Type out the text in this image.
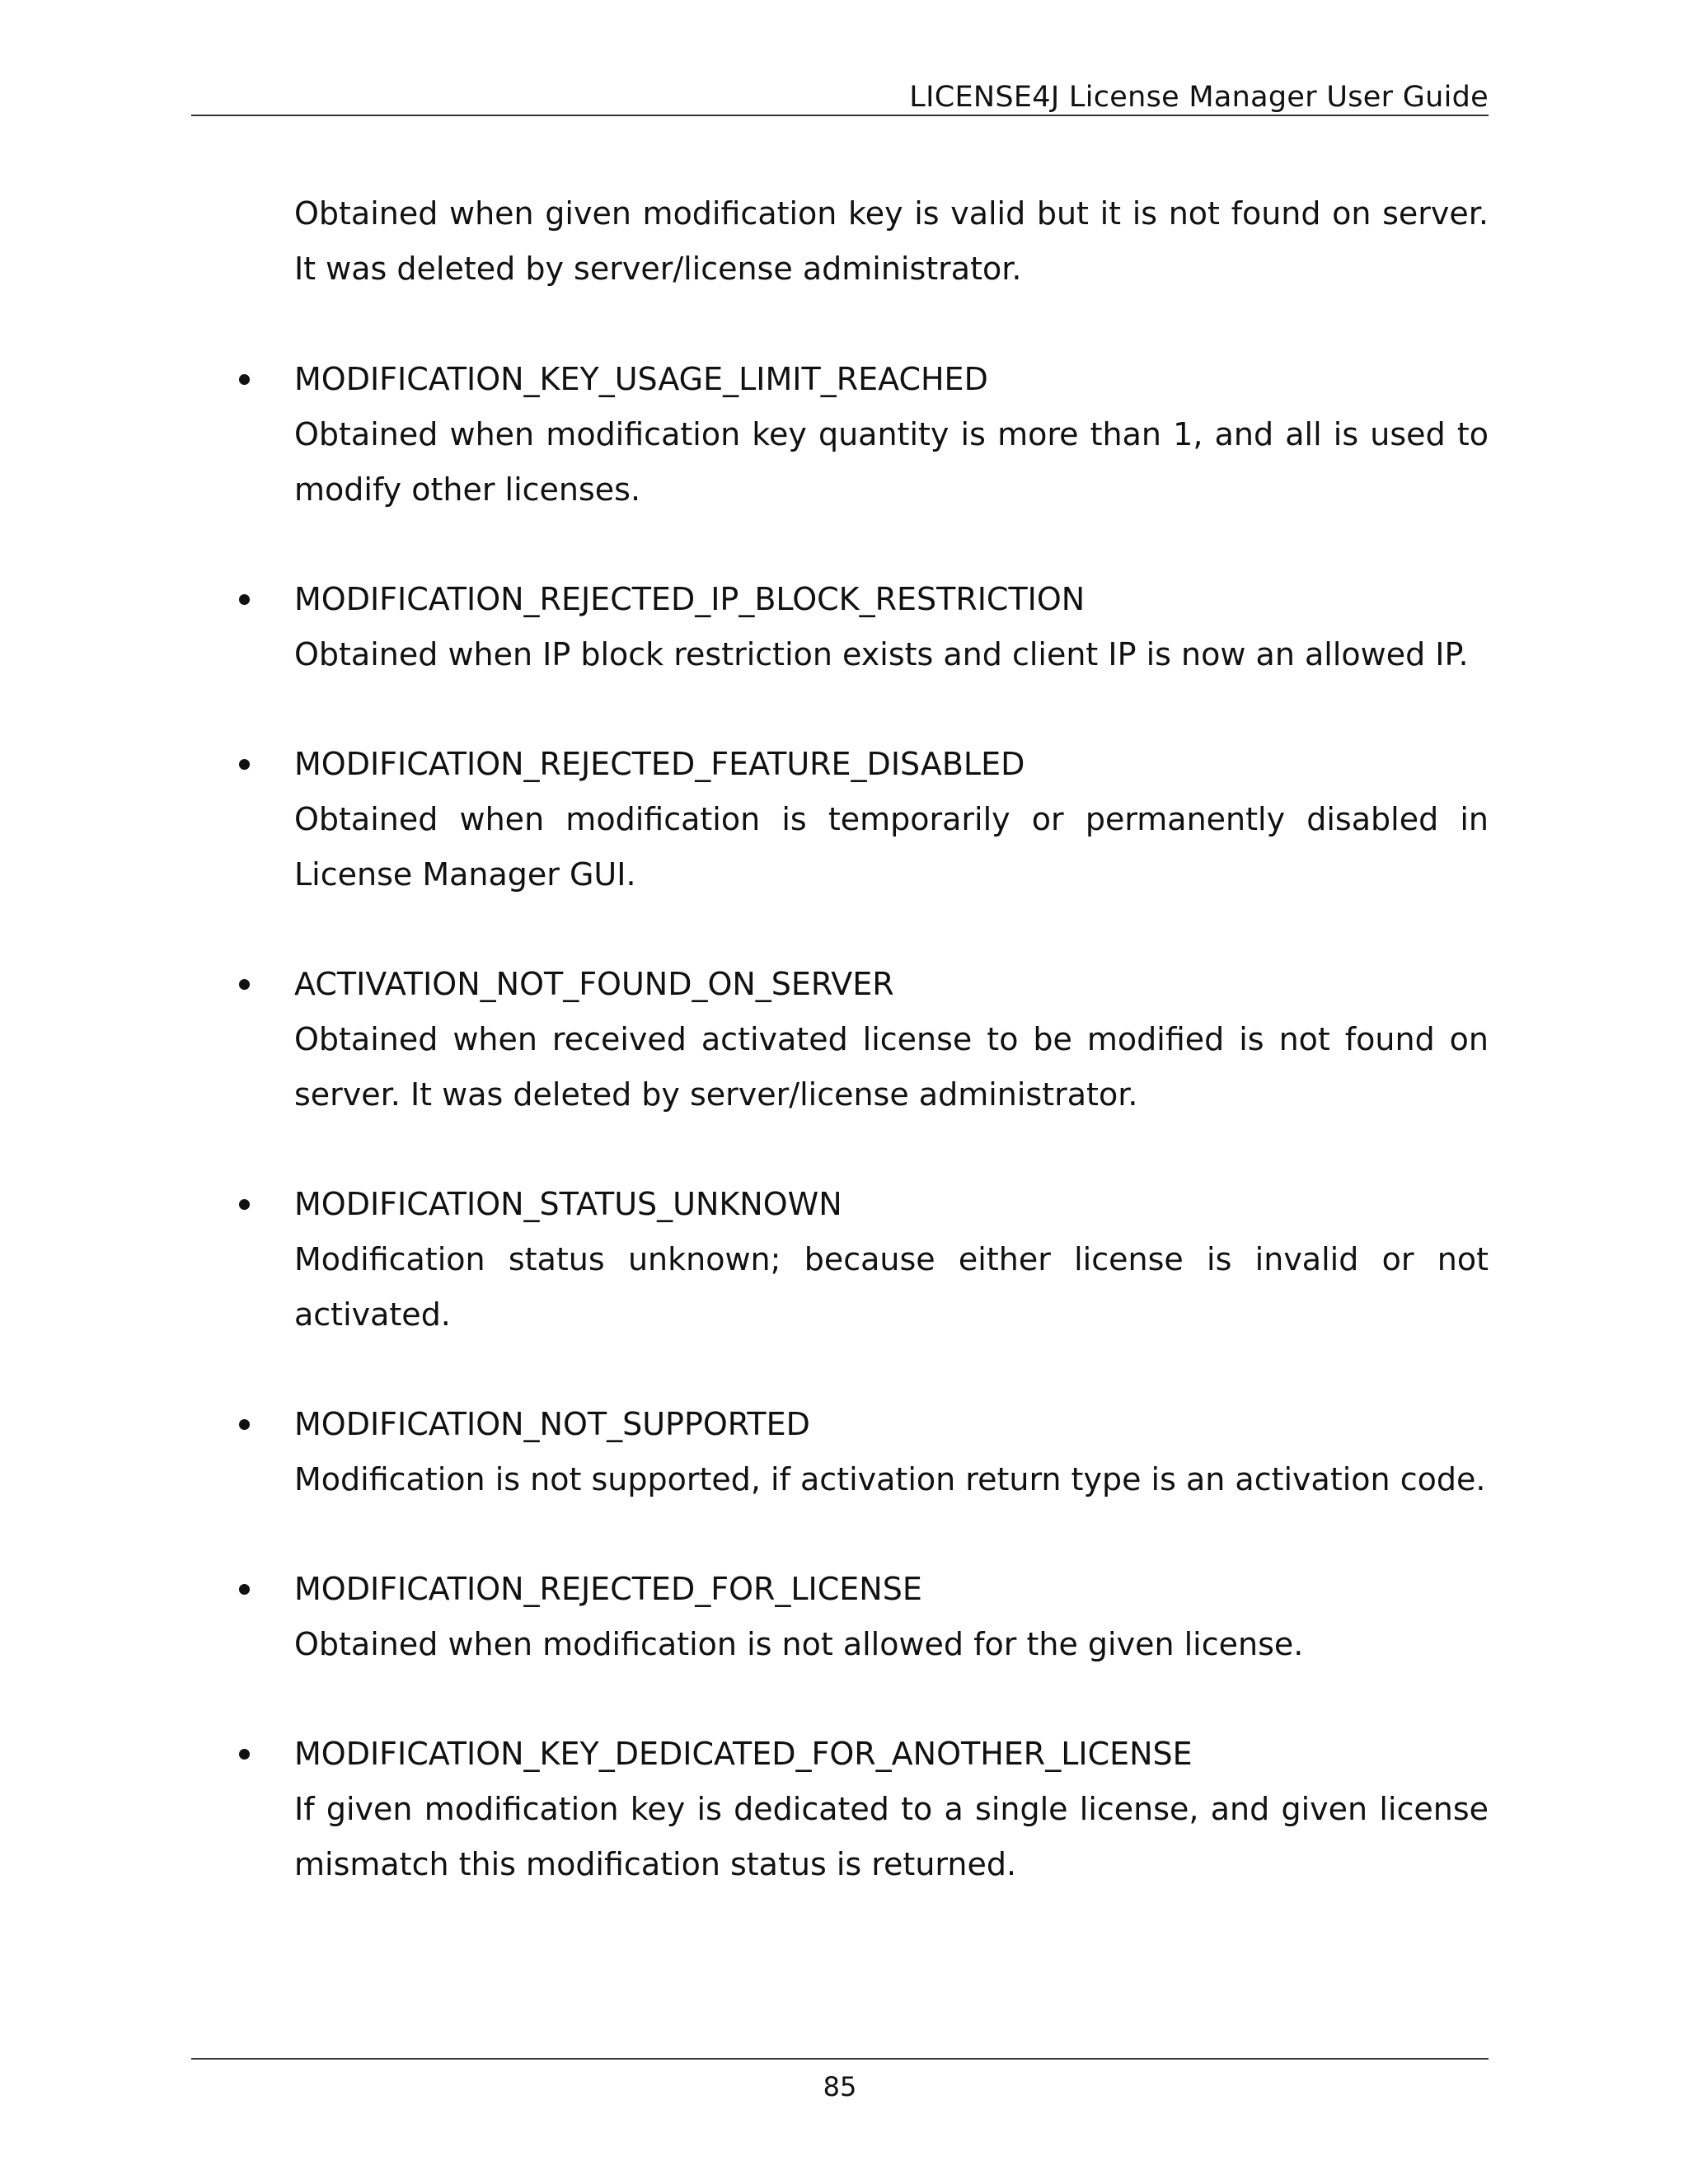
LICENSE4J License Manager User Guide

Obtained when given modification key is valid but it is not found on server. It was deleted by server/license administrator.

MODIFICATION_KEY_USAGE_LIMIT_REACHED
Obtained when modification key quantity is more than 1, and all is used to modify other licenses.

MODIFICATION_REJECTED_IP_BLOCK_RESTRICTION
Obtained when IP block restriction exists and client IP is now an allowed IP.

MODIFICATION_REJECTED_FEATURE_DISABLED
Obtained when modification is temporarily or permanently disabled in License Manager GUI.

ACTIVATION_NOT_FOUND_ON_SERVER
Obtained when received activated license to be modified is not found on server. It was deleted by server/license administrator.

MODIFICATION_STATUS_UNKNOWN
Modification status unknown; because either license is invalid or not activated.

MODIFICATION_NOT_SUPPORTED
Modification is not supported, if activation return type is an activation code.

MODIFICATION_REJECTED_FOR_LICENSE
Obtained when modification is not allowed for the given license.

MODIFICATION_KEY_DEDICATED_FOR_ANOTHER_LICENSE
If given modification key is dedicated to a single license, and given license mismatch this modification status is returned.

85
